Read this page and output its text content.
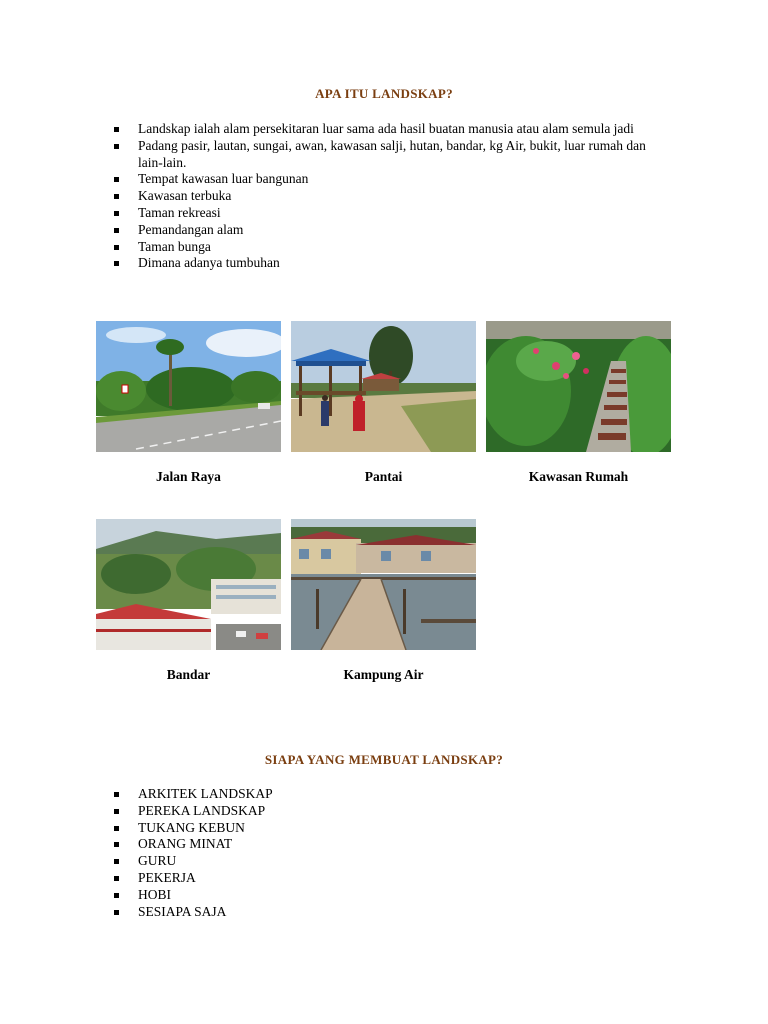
APA ITU LANDSKAP?
Landskap ialah alam persekitaran luar sama ada hasil buatan manusia atau alam semula jadi
Padang pasir, lautan, sungai, awan, kawasan salji, hutan, bandar, kg Air, bukit, luar rumah dan lain-lain.
Tempat kawasan luar bangunan
Kawasan terbuka
Taman rekreasi
Pemandangan alam
Taman bunga
Dimana adanya tumbuhan
Jalan Raya	Pantai	Kawasan Rumah
Bandar	Kampung Air
SIAPA YANG MEMBUAT LANDSKAP?
ARKITEK LANDSKAP
PEREKA LANDSKAP
TUKANG KEBUN
ORANG MINAT
GURU
PEKERJA
HOBI
SESIAPA SAJA
